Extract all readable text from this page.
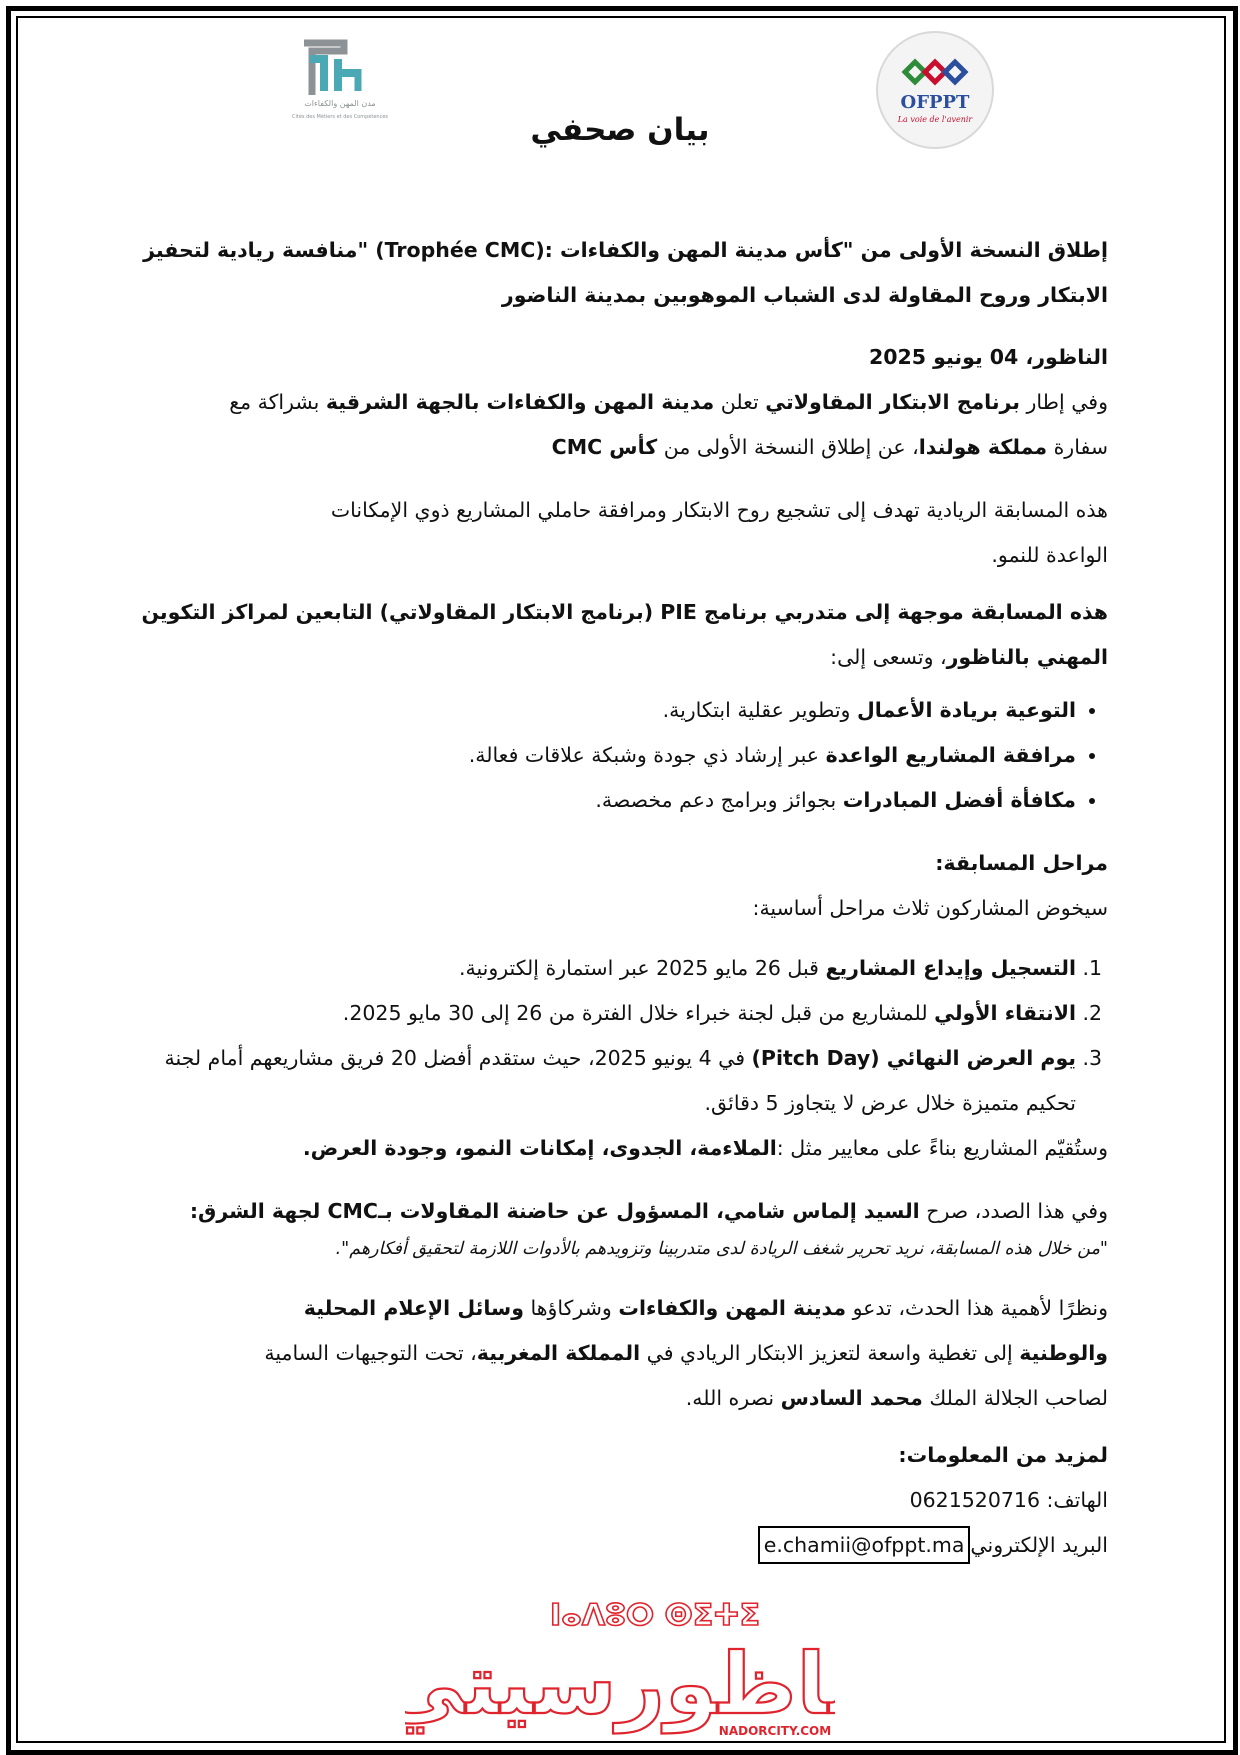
مدن المهن والكفاءات
Cités des Métiers et des Compétences
OFPPT
La voie de l'avenir
بيان صحفي

إطلاق النسخة الأولى من "كأس مدينة المهن والكفاءات :(Trophée CMC) "منافسة ريادية لتحفيز
الابتكار وروح المقاولة لدى الشباب الموهوبين بمدينة الناضور

الناظور، 04 يونيو 2025

وفي إطار برنامج الابتكار المقاولاتي تعلن مدينة المهن والكفاءات بالجهة الشرقية بشراكة مع
سفارة مملكة هولندا، عن إطلاق النسخة الأولى من كأس CMC

هذه المسابقة الريادية تهدف إلى تشجيع روح الابتكار ومرافقة حاملي المشاريع ذوي الإمكانات
الواعدة للنمو.

هذه المسابقة موجهة إلى متدربي برنامج PIE (برنامج الابتكار المقاولاتي) التابعين لمراكز التكوين
المهني بالناظور، وتسعى إلى:

• التوعية بريادة الأعمال وتطوير عقلية ابتكارية.
• مرافقة المشاريع الواعدة عبر إرشاد ذي جودة وشبكة علاقات فعالة.
• مكافأة أفضل المبادرات بجوائز وبرامج دعم مخصصة.

مراحل المسابقة:

سيخوض المشاركون ثلاث مراحل أساسية:

1. التسجيل وإيداع المشاريع قبل 26 مايو 2025 عبر استمارة إلكترونية.
2. الانتقاء الأولي للمشاريع من قبل لجنة خبراء خلال الفترة من 26 إلى 30 مايو 2025.
3. يوم العرض النهائي (Pitch Day) في 4 يونيو 2025، حيث ستقدم أفضل 20 فريق مشاريعهم أمام لجنة تحكيم متميزة خلال عرض لا يتجاوز 5 دقائق.

وستُقيّم المشاريع بناءً على معايير مثل :الملاءمة، الجدوى، إمكانات النمو، وجودة العرض.

وفي هذا الصدد، صرح السيد إلماس شامي، المسؤول عن حاضنة المقاولات بـCMC لجهة الشرق:

"من خلال هذه المسابقة، نريد تحرير شغف الريادة لدى متدربينا وتزويدهم بالأدوات اللازمة لتحقيق أفكارهم".

ونظرًا لأهمية هذا الحدث، تدعو مدينة المهن والكفاءات وشركاؤها وسائل الإعلام المحلية
والوطنية إلى تغطية واسعة لتعزيز الابتكار الريادي في المملكة المغربية، تحت التوجيهات السامية
لصاحب الجلالة الملك محمد السادس نصره الله.

لمزيد من المعلومات:

الهاتف: 0621520716

البريد الإلكترونيe.chamii@ofppt.ma

ⵏⴰⴷⵓⵔ ⵙⵉⵜⵉ
اظورسيتي	NADORCITY.COM
